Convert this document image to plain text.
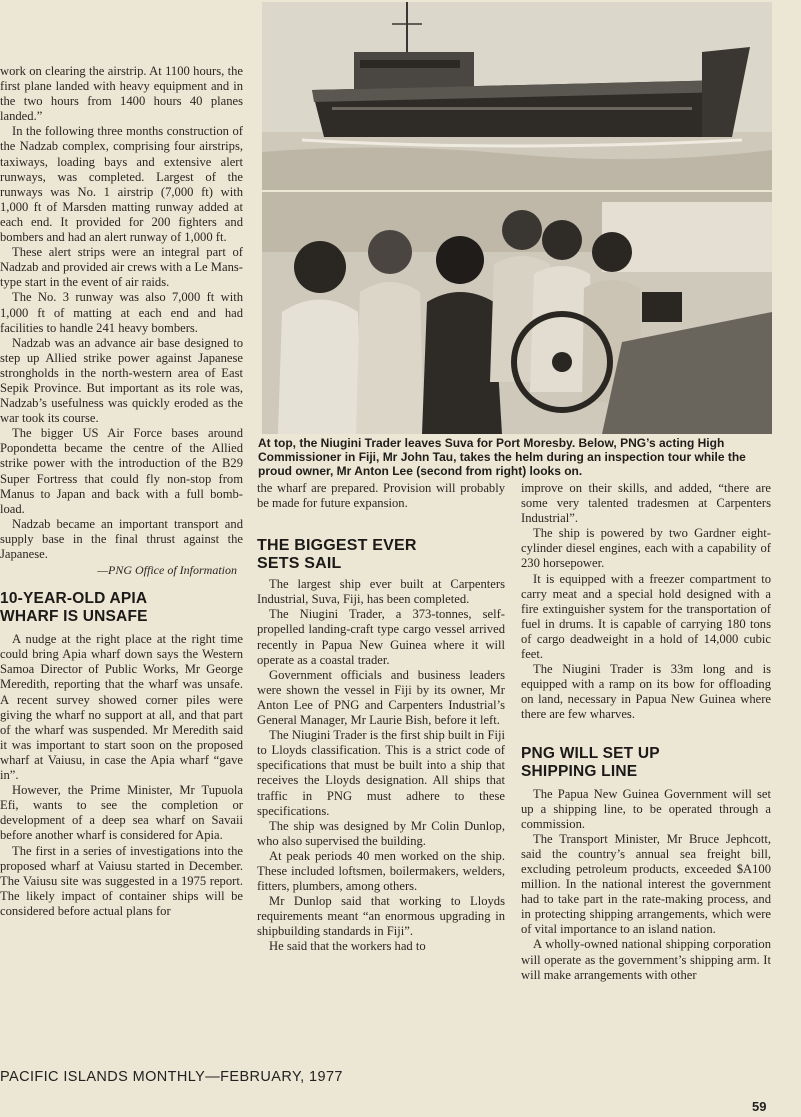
work on clearing the airstrip. At 1100 hours, the first plane landed with heavy equipment and in the two hours from 1400 hours 40 planes landed.”

In the following three months construction of the Nadzab complex, comprising four airstrips, taxiways, loading bays and extensive alert runways, was completed. Largest of the runways was No. 1 airstrip (7,000 ft) with 1,000 ft of Marsden matting runway added at each end. It provided for 200 fighters and bombers and had an alert runway of 1,000 ft.

These alert strips were an integral part of Nadzab and provided air crews with a Le Mans-type start in the event of air raids.

The No. 3 runway was also 7,000 ft with 1,000 ft of matting at each end and had facilities to handle 241 heavy bombers.

Nadzab was an advance air base designed to step up Allied strike power against Japanese strongholds in the north-western area of East Sepik Province. But important as its role was, Nadzab’s usefulness was quickly eroded as the war took its course.

The bigger US Air Force bases around Popondetta became the centre of the Allied strike power with the introduction of the B29 Super Fortress that could fly non-stop from Manus to Japan and back with a full bomb-load.

Nadzab became an important transport and supply base in the final thrust against the Japanese.

—PNG Office of Information
10-YEAR-OLD APIA
WHARF IS UNSAFE

A nudge at the right place at the right time could bring Apia wharf down says the Western Samoa Director of Public Works, Mr George Meredith, reporting that the wharf was unsafe. A recent survey showed corner piles were giving the wharf no support at all, and that part of the wharf was suspended. Mr Meredith said it was important to start soon on the proposed wharf at Vaiusu, in case the Apia wharf “gave in”.

However, the Prime Minister, Mr Tupuola Efi, wants to see the completion or development of a deep sea wharf on Savaii before another wharf is considered for Apia.

The first in a series of investigations into the proposed wharf at Vaiusu started in December. The Vaiusu site was suggested in a 1975 report. The likely impact of container ships will be considered before actual plans for

At top, the Niugini Trader leaves Suva for Port Moresby. Below, PNG’s acting High Commissioner in Fiji, Mr John Tau, takes the helm during an inspection tour while the proud owner, Mr Anton Lee (second from right) looks on.

the wharf are prepared. Provision will probably be made for future expansion.

THE BIGGEST EVER
SETS SAIL

The largest ship ever built at Carpenters Industrial, Suva, Fiji, has been completed.

The Niugini Trader, a 373-tonnes, self-propelled landing-craft type cargo vessel arrived recently in Papua New Guinea where it will operate as a coastal trader.

Government officials and business leaders were shown the vessel in Fiji by its owner, Mr Anton Lee of PNG and Carpenters Industrial’s General Manager, Mr Laurie Bish, before it left.

The Niugini Trader is the first ship built in Fiji to Lloyds classification. This is a strict code of specifications that must be built into a ship that receives the Lloyds designation. All ships that traffic in PNG must adhere to these specifications.

The ship was designed by Mr Colin Dunlop, who also supervised the building.

At peak periods 40 men worked on the ship. These included loftsmen, boilermakers, welders, fitters, plumbers, among others.

Mr Dunlop said that working to Lloyds requirements meant “an enormous upgrading in shipbuilding standards in Fiji”.

He said that the workers had to

improve on their skills, and added, “there are some very talented tradesmen at Carpenters Industrial”.

The ship is powered by two Gardner eight-cylinder diesel engines, each with a capability of 230 horsepower.

It is equipped with a freezer compartment to carry meat and a special hold designed with a fire extinguisher system for the transportation of fuel in drums. It is capable of carrying 180 tons of cargo deadweight in a hold of 14,000 cubic feet.

The Niugini Trader is 33m long and is equipped with a ramp on its bow for offloading on land, necessary in Papua New Guinea where there are few wharves.

PNG WILL SET UP
SHIPPING LINE

The Papua New Guinea Government will set up a shipping line, to be operated through a commission.

The Transport Minister, Mr Bruce Jephcott, said the country’s annual sea freight bill, excluding petroleum products, exceeded $A100 million. In the national interest the government had to take part in the rate-making process, and in protecting shipping arrangements, which were of vital importance to an island nation.

A wholly-owned national shipping corporation will operate as the government’s shipping arm. It will make arrangements with other

PACIFIC ISLANDS MONTHLY—FEBRUARY, 1977
59
